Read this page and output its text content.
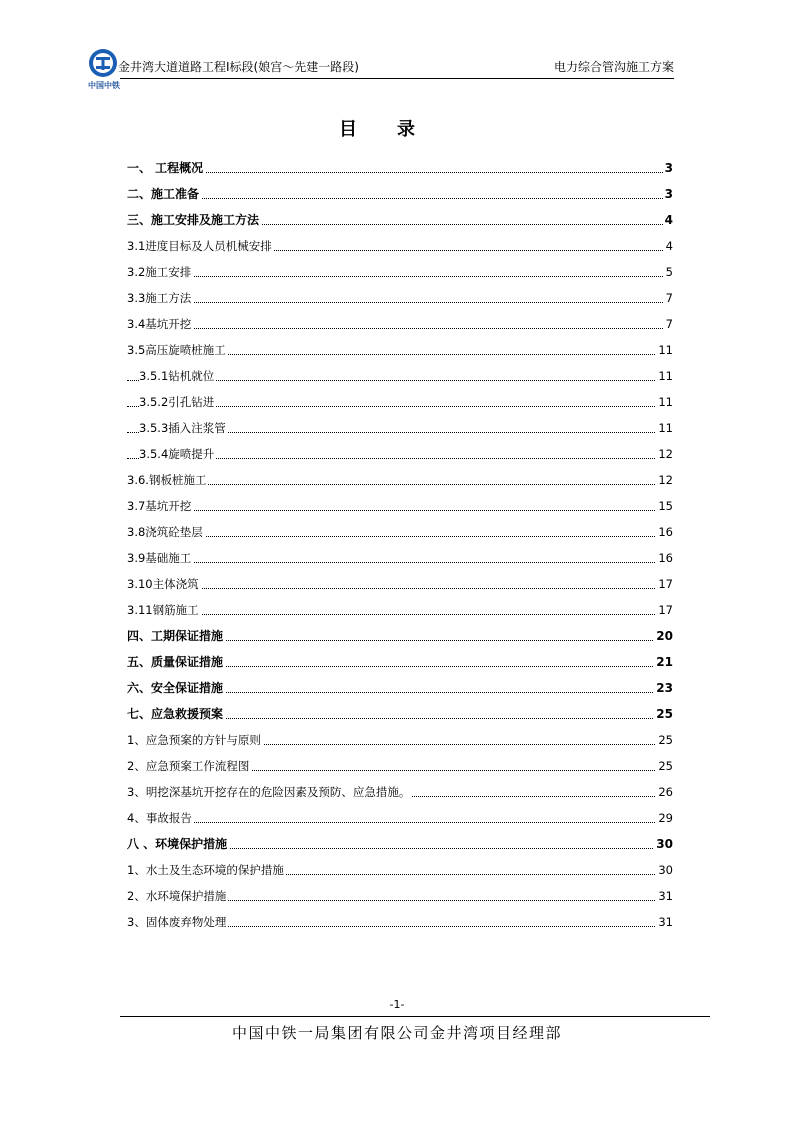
中国中铁
金井湾大道道路工程Ⅰ标段(娘宫～先建一路段)	电力综合管沟施工方案
目录
一、 工程概况	3
二、施工准备	3
三、施工安排及施工方法	4
3.1进度目标及人员机械安排	4
3.2施工安排	5
3.3施工方法	7
3.4基坑开挖	7
3.5高压旋喷桩施工	11
3.5.1钻机就位	11
3.5.2引孔钻进	11
3.5.3插入注浆管	11
3.5.4旋喷提升	12
3.6.钢板桩施工	12
3.7基坑开挖	15
3.8浇筑砼垫层	16
3.9基础施工	16
3.10主体浇筑	17
3.11钢筋施工	17
四、工期保证措施	20
五、质量保证措施	21
六、安全保证措施	23
七、应急救援预案	25
1、应急预案的方针与原则	25
2、应急预案工作流程图	25
3、明挖深基坑开挖存在的危险因素及预防、应急措施。	26
4、事故报告	29
八 、环境保护措施	30
1、水土及生态环境的保护措施	30
2、水环境保护措施	31
3、固体废弃物处理	31
-1-
中国中铁一局集团有限公司金井湾项目经理部
